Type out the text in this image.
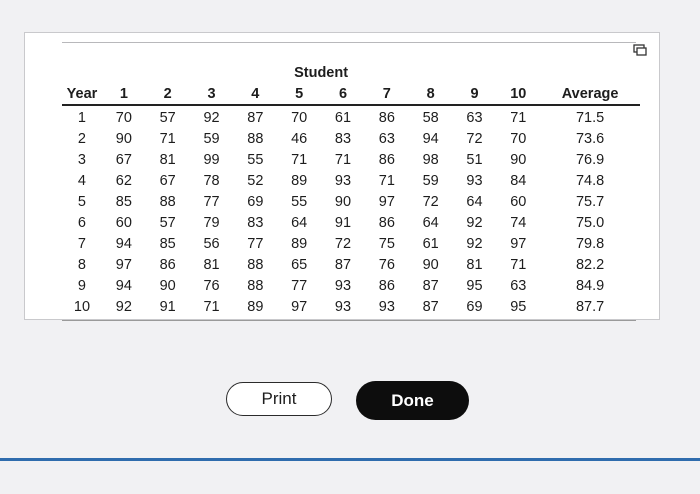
	Student										
Year	1	2	3	4	5	6	7	8	9	10	Average
1	70	57	92	87	70	61	86	58	63	71	71.5
2	90	71	59	88	46	83	63	94	72	70	73.6
3	67	81	99	55	71	71	86	98	51	90	76.9
4	62	67	78	52	89	93	71	59	93	84	74.8
5	85	88	77	69	55	90	97	72	64	60	75.7
6	60	57	79	83	64	91	86	64	92	74	75.0
7	94	85	56	77	89	72	75	61	92	97	79.8
8	97	86	81	88	65	87	76	90	81	71	82.2
9	94	90	76	88	77	93	86	87	95	63	84.9
10	92	91	71	89	97	93	93	87	69	95	87.7
Print	Done
